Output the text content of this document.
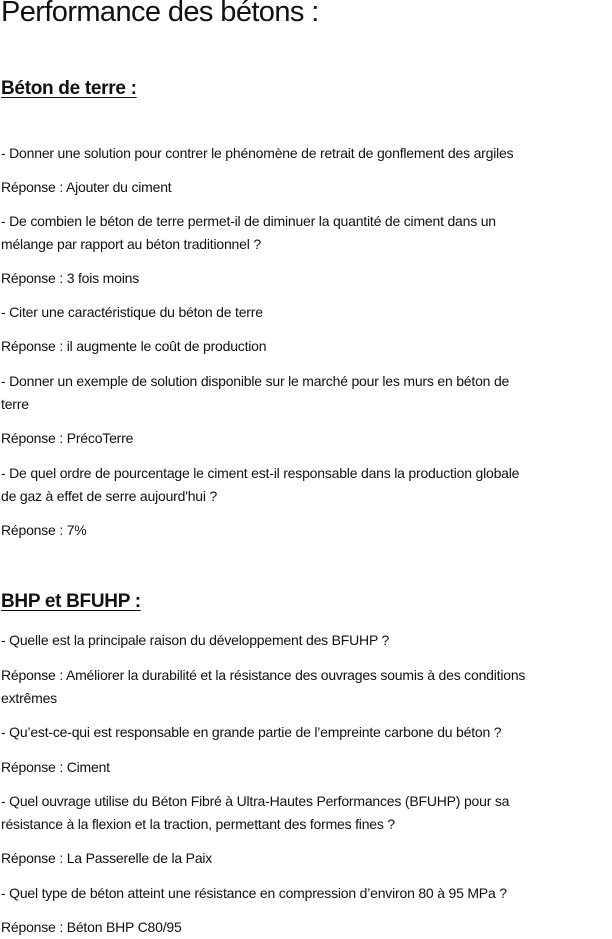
Performance des bétons :
Béton de terre :

- Donner une solution pour contrer le phénomène de retrait de gonflement des argiles

Réponse : Ajouter du ciment

- De combien le béton de terre permet-il de diminuer la quantité de ciment dans un

mélange par rapport au béton traditionnel ?

Réponse : 3 fois moins

- Citer une caractéristique du béton de terre

Réponse : il augmente le coût de production

- Donner un exemple de solution disponible sur le marché pour les murs en béton de

terre

Réponse : PrécoTerre

- De quel ordre de pourcentage le ciment est-il responsable dans la production globale

de gaz à effet de serre aujourd'hui ?

Réponse : 7%

BHP et BFUHP :

- Quelle est la principale raison du développement des BFUHP ?

Réponse : Améliorer la durabilité et la résistance des ouvrages soumis à des conditions

extrêmes

- Qu’est-ce-qui est responsable en grande partie de l’empreinte carbone du béton ?

Réponse : Ciment

- Quel ouvrage utilise du Béton Fibré à Ultra-Hautes Performances (BFUHP) pour sa

résistance à la flexion et la traction, permettant des formes fines ?

Réponse : La Passerelle de la Paix

- Quel type de béton atteint une résistance en compression d’environ 80 à 95 MPa ?

Réponse : Béton BHP C80/95
